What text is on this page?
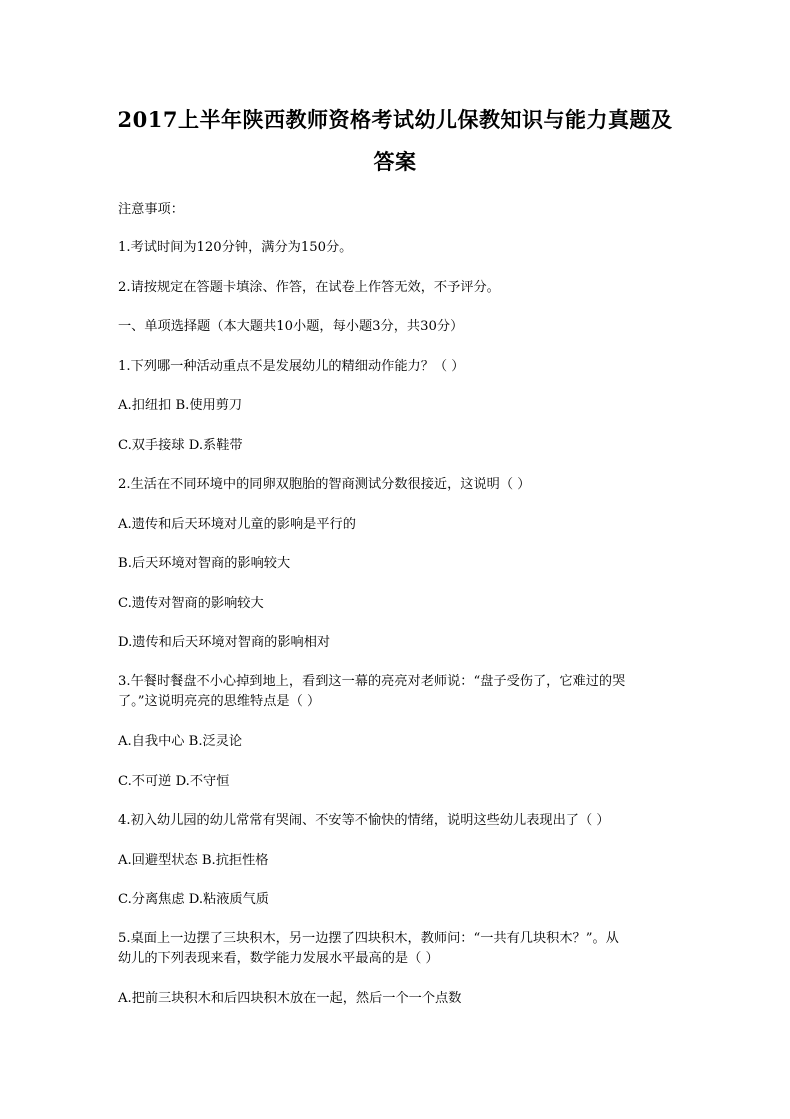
2017上半年陕西教师资格考试幼儿保教知识与能力真题及
答案
注意事项：
1.考试时间为120分钟，满分为150分。
2.请按规定在答题卡填涂、作答，在试卷上作答无效，不予评分。
一、单项选择题（本大题共10小题，每小题3分，共30分）
1.下列哪一种活动重点不是发展幼儿的精细动作能力？（ ）
A.扣纽扣 B.使用剪刀
C.双手接球 D.系鞋带
2.生活在不同环境中的同卵双胞胎的智商测试分数很接近，这说明（ ）
A.遗传和后天环境对儿童的影响是平行的
B.后天环境对智商的影响较大
C.遗传对智商的影响较大
D.遗传和后天环境对智商的影响相对
3.午餐时餐盘不小心掉到地上，看到这一幕的亮亮对老师说：“盘子受伤了，它难过的哭
了。”这说明亮亮的思维特点是（ ）
A.自我中心 B.泛灵论
C.不可逆 D.不守恒
4.初入幼儿园的幼儿常常有哭闹、不安等不愉快的情绪，说明这些幼儿表现出了（ ）
A.回避型状态 B.抗拒性格
C.分离焦虑 D.粘液质气质
5.桌面上一边摆了三块积木，另一边摆了四块积木，教师问：“一共有几块积木？”。从
幼儿的下列表现来看，数学能力发展水平最高的是（ ）
A.把前三块积木和后四块积木放在一起，然后一个一个点数
